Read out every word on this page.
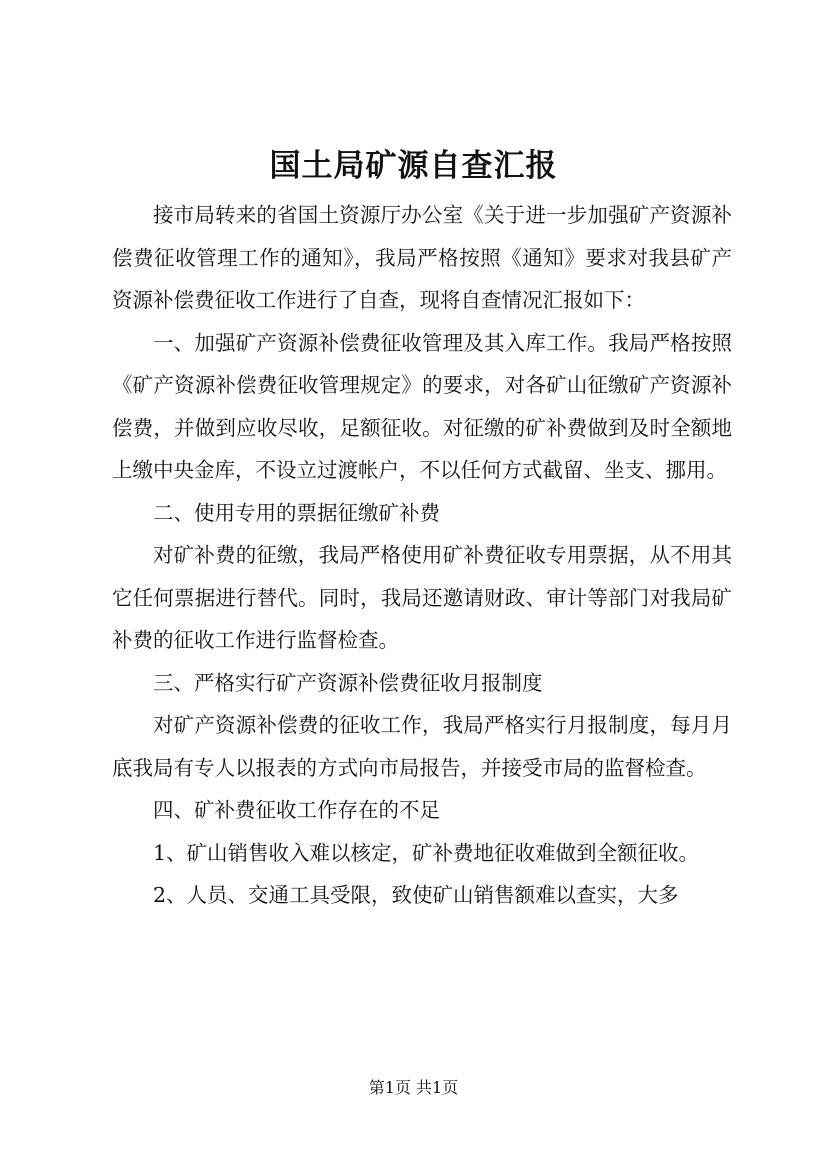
国土局矿源自查汇报

接市局转来的省国土资源厅办公室《关于进一步加强矿产资源补偿费征收管理工作的通知》，我局严格按照《通知》要求对我县矿产资源补偿费征收工作进行了自查，现将自查情况汇报如下：

一、加强矿产资源补偿费征收管理及其入库工作。我局严格按照《矿产资源补偿费征收管理规定》的要求，对各矿山征缴矿产资源补偿费，并做到应收尽收，足额征收。对征缴的矿补费做到及时全额地上缴中央金库，不设立过渡帐户，不以任何方式截留、坐支、挪用。

二、使用专用的票据征缴矿补费

对矿补费的征缴，我局严格使用矿补费征收专用票据，从不用其它任何票据进行替代。同时，我局还邀请财政、审计等部门对我局矿补费的征收工作进行监督检查。

三、严格实行矿产资源补偿费征收月报制度

对矿产资源补偿费的征收工作，我局严格实行月报制度，每月月底我局有专人以报表的方式向市局报告，并接受市局的监督检查。

四、矿补费征收工作存在的不足

1、矿山销售收入难以核定，矿补费地征收难做到全额征收。

2、人员、交通工具受限，致使矿山销售额难以查实，大多

第1页 共1页
